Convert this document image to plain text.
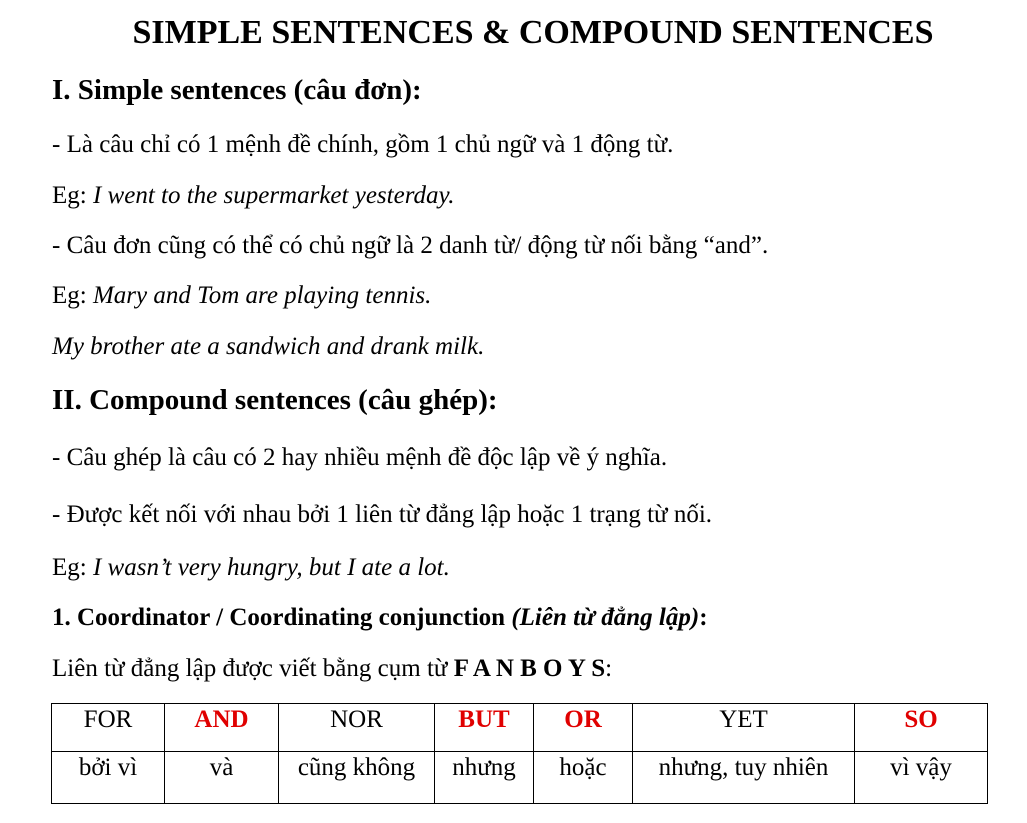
SIMPLE SENTENCES & COMPOUND SENTENCES

I. Simple sentences (câu đơn):

- Là câu chỉ có 1 mệnh đề chính, gồm 1 chủ ngữ và 1 động từ.

Eg: I went to the supermarket yesterday.

- Câu đơn cũng có thể có chủ ngữ là 2 danh từ/ động từ nối bằng “and”.

Eg: Mary and Tom are playing tennis.

My brother ate a sandwich and drank milk.

II. Compound sentences (câu ghép):

- Câu ghép là câu có 2 hay nhiều mệnh đề độc lập về ý nghĩa.

- Được kết nối với nhau bởi 1 liên từ đẳng lập hoặc 1 trạng từ nối.

Eg: I wasn’t very hungry, but I ate a lot.

1. Coordinator / Coordinating conjunction (Liên từ đẳng lập):

Liên từ đẳng lập được viết bằng cụm từ F A N B O Y S:

FOR	AND	NOR	BUT	OR	YET	SO
bởi vì	và	cũng không	nhưng	hoặc	nhưng, tuy nhiên	vì vậy
